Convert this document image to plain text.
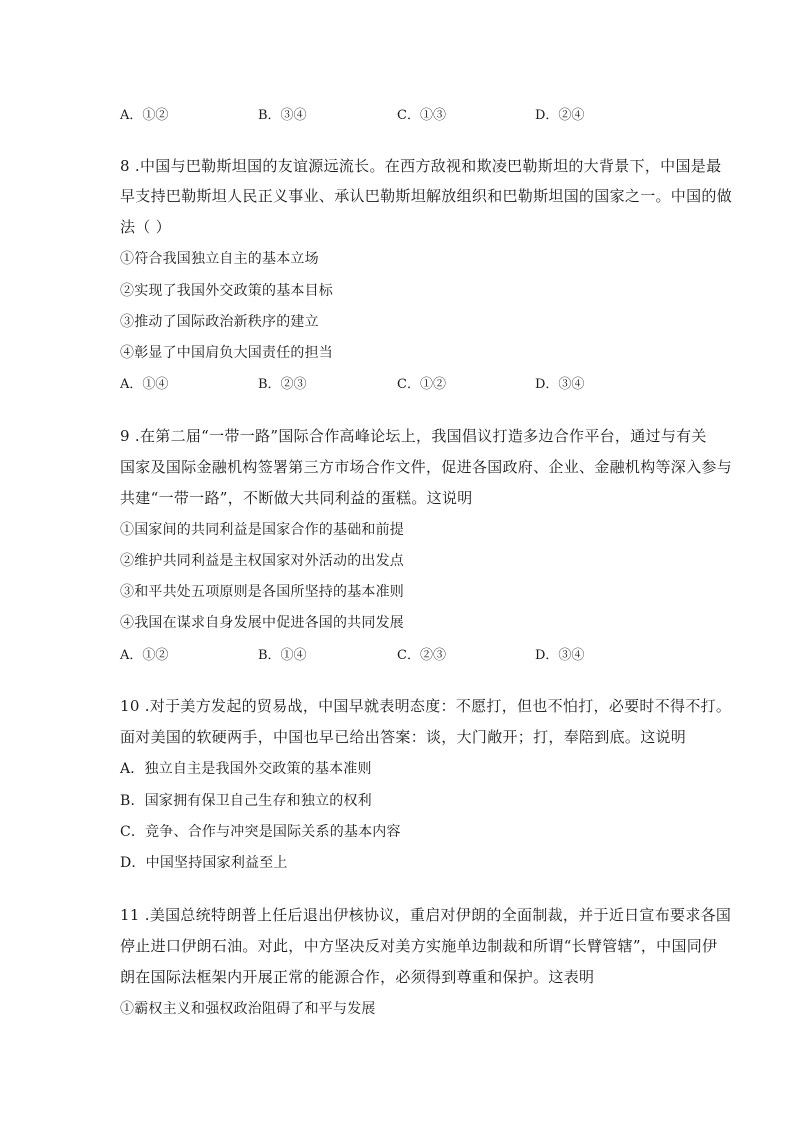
A．①②	B．③④	C．①③	D．②④
8 .中国与巴勒斯坦国的友谊源远流长。在西方敌视和欺凌巴勒斯坦的大背景下，中国是最
早支持巴勒斯坦人民正义事业、承认巴勒斯坦解放组织和巴勒斯坦国的国家之一。中国的做
法（ ）
①符合我国独立自主的基本立场
②实现了我国外交政策的基本目标
③推动了国际政治新秩序的建立
④彰显了中国肩负大国责任的担当
A．①④	B．②③	C．①②	D．③④
9 .在第二届“一带一路”国际合作高峰论坛上，我国倡议打造多边合作平台，通过与有关
国家及国际金融机构签署第三方市场合作文件，促进各国政府、企业、金融机构等深入参与
共建“一带一路”，不断做大共同利益的蛋糕。这说明
①国家间的共同利益是国家合作的基础和前提
②维护共同利益是主权国家对外活动的出发点
③和平共处五项原则是各国所坚持的基本准则
④我国在谋求自身发展中促进各国的共同发展
A．①②	B．①④	C．②③	D．③④
10 .对于美方发起的贸易战，中国早就表明态度：不愿打，但也不怕打，必要时不得不打。
面对美国的软硬两手，中国也早已给出答案：谈，大门敞开；打，奉陪到底。这说明
A．独立自主是我国外交政策的基本准则
B．国家拥有保卫自己生存和独立的权利
C．竞争、合作与冲突是国际关系的基本内容
D．中国坚持国家利益至上
11 .美国总统特朗普上任后退出伊核协议，重启对伊朗的全面制裁，并于近日宣布要求各国
停止进口伊朗石油。对此，中方坚决反对美方实施单边制裁和所谓“长臂管辖”，中国同伊
朗在国际法框架内开展正常的能源合作，必须得到尊重和保护。这表明
①霸权主义和强权政治阻碍了和平与发展
